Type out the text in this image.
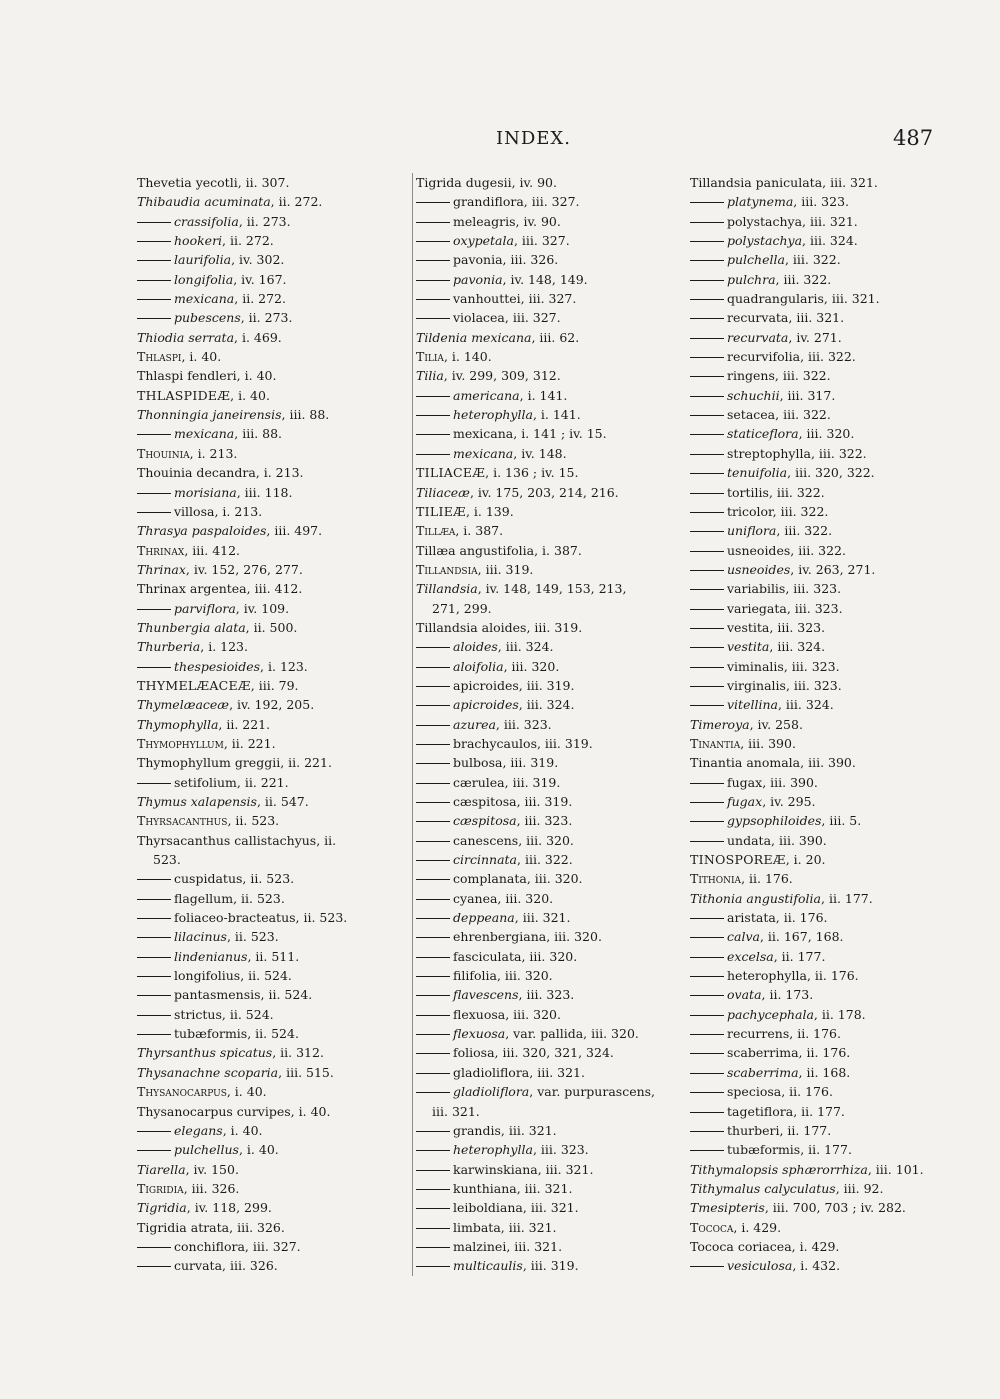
INDEX.	487
Thevetia yecotli, ii. 307.
Thibaudia acuminata, ii. 272.
crassifolia, ii. 273.
hookeri, ii. 272.
laurifolia, iv. 302.
longifolia, iv. 167.
mexicana, ii. 272.
pubescens, ii. 273.
Thiodia serrata, i. 469.
Thlaspi, i. 40.
Thlaspi fendleri, i. 40.
THLASPIDEÆ, i. 40.
Thonningia janeirensis, iii. 88.
mexicana, iii. 88.
Thouinia, i. 213.
Thouinia decandra, i. 213.
morisiana, iii. 118.
villosa, i. 213.
Thrasya paspaloides, iii. 497.
Thrinax, iii. 412.
Thrinax, iv. 152, 276, 277.
Thrinax argentea, iii. 412.
parviflora, iv. 109.
Thunbergia alata, ii. 500.
Thurberia, i. 123.
thespesioides, i. 123.
THYMELÆACEÆ, iii. 79.
Thymelæaceæ, iv. 192, 205.
Thymophylla, ii. 221.
Thymophyllum, ii. 221.
Thymophyllum greggii, ii. 221.
setifolium, ii. 221.
Thymus xalapensis, ii. 547.
Thyrsacanthus, ii. 523.
Thyrsacanthus callistachyus, ii.
523.
cuspidatus, ii. 523.
flagellum, ii. 523.
foliaceo-bracteatus, ii. 523.
lilacinus, ii. 523.
lindenianus, ii. 511.
longifolius, ii. 524.
pantasmensis, ii. 524.
strictus, ii. 524.
tubæformis, ii. 524.
Thyrsanthus spicatus, ii. 312.
Thysanachne scoparia, iii. 515.
Thysanocarpus, i. 40.
Thysanocarpus curvipes, i. 40.
elegans, i. 40.
pulchellus, i. 40.
Tiarella, iv. 150.
Tigridia, iii. 326.
Tigridia, iv. 118, 299.
Tigridia atrata, iii. 326.
conchiflora, iii. 327.
curvata, iii. 326.
Tigrida dugesii, iv. 90.
grandiflora, iii. 327.
meleagris, iv. 90.
oxypetala, iii. 327.
pavonia, iii. 326.
pavonia, iv. 148, 149.
vanhouttei, iii. 327.
violacea, iii. 327.
Tildenia mexicana, iii. 62.
Tilia, i. 140.
Tilia, iv. 299, 309, 312.
americana, i. 141.
heterophylla, i. 141.
mexicana, i. 141 ; iv. 15.
mexicana, iv. 148.
TILIACEÆ, i. 136 ; iv. 15.
Tiliaceæ, iv. 175, 203, 214, 216.
TILIEÆ, i. 139.
Tillæa, i. 387.
Tillæa angustifolia, i. 387.
Tillandsia, iii. 319.
Tillandsia, iv. 148, 149, 153, 213,
271, 299.
Tillandsia aloides, iii. 319.
aloides, iii. 324.
aloifolia, iii. 320.
apicroides, iii. 319.
apicroides, iii. 324.
azurea, iii. 323.
brachycaulos, iii. 319.
bulbosa, iii. 319.
cærulea, iii. 319.
cæspitosa, iii. 319.
cæspitosa, iii. 323.
canescens, iii. 320.
circinnata, iii. 322.
complanata, iii. 320.
cyanea, iii. 320.
deppeana, iii. 321.
ehrenbergiana, iii. 320.
fasciculata, iii. 320.
filifolia, iii. 320.
flavescens, iii. 323.
flexuosa, iii. 320.
flexuosa, var. pallida, iii. 320.
foliosa, iii. 320, 321, 324.
gladioliflora, iii. 321.
gladioliflora, var. purpurascens,
iii. 321.
grandis, iii. 321.
heterophylla, iii. 323.
karwinskiana, iii. 321.
kunthiana, iii. 321.
leiboldiana, iii. 321.
limbata, iii. 321.
malzinei, iii. 321.
multicaulis, iii. 319.
Tillandsia paniculata, iii. 321.
platynema, iii. 323.
polystachya, iii. 321.
polystachya, iii. 324.
pulchella, iii. 322.
pulchra, iii. 322.
quadrangularis, iii. 321.
recurvata, iii. 321.
recurvata, iv. 271.
recurvifolia, iii. 322.
ringens, iii. 322.
schuchii, iii. 317.
setacea, iii. 322.
staticeflora, iii. 320.
streptophylla, iii. 322.
tenuifolia, iii. 320, 322.
tortilis, iii. 322.
tricolor, iii. 322.
uniflora, iii. 322.
usneoides, iii. 322.
usneoides, iv. 263, 271.
variabilis, iii. 323.
variegata, iii. 323.
vestita, iii. 323.
vestita, iii. 324.
viminalis, iii. 323.
virginalis, iii. 323.
vitellina, iii. 324.
Timeroya, iv. 258.
Tinantia, iii. 390.
Tinantia anomala, iii. 390.
fugax, iii. 390.
fugax, iv. 295.
gypsophiloides, iii. 5.
undata, iii. 390.
TINOSPOREÆ, i. 20.
Tithonia, ii. 176.
Tithonia angustifolia, ii. 177.
aristata, ii. 176.
calva, ii. 167, 168.
excelsa, ii. 177.
heterophylla, ii. 176.
ovata, ii. 173.
pachycephala, ii. 178.
recurrens, ii. 176.
scaberrima, ii. 176.
scaberrima, ii. 168.
speciosa, ii. 176.
tagetiflora, ii. 177.
thurberi, ii. 177.
tubæformis, ii. 177.
Tithymalopsis sphærorrhiza, iii. 101.
Tithymalus calyculatus, iii. 92.
Tmesipteris, iii. 700, 703 ; iv. 282.
Tococa, i. 429.
Tococa coriacea, i. 429.
vesiculosa, i. 432.
